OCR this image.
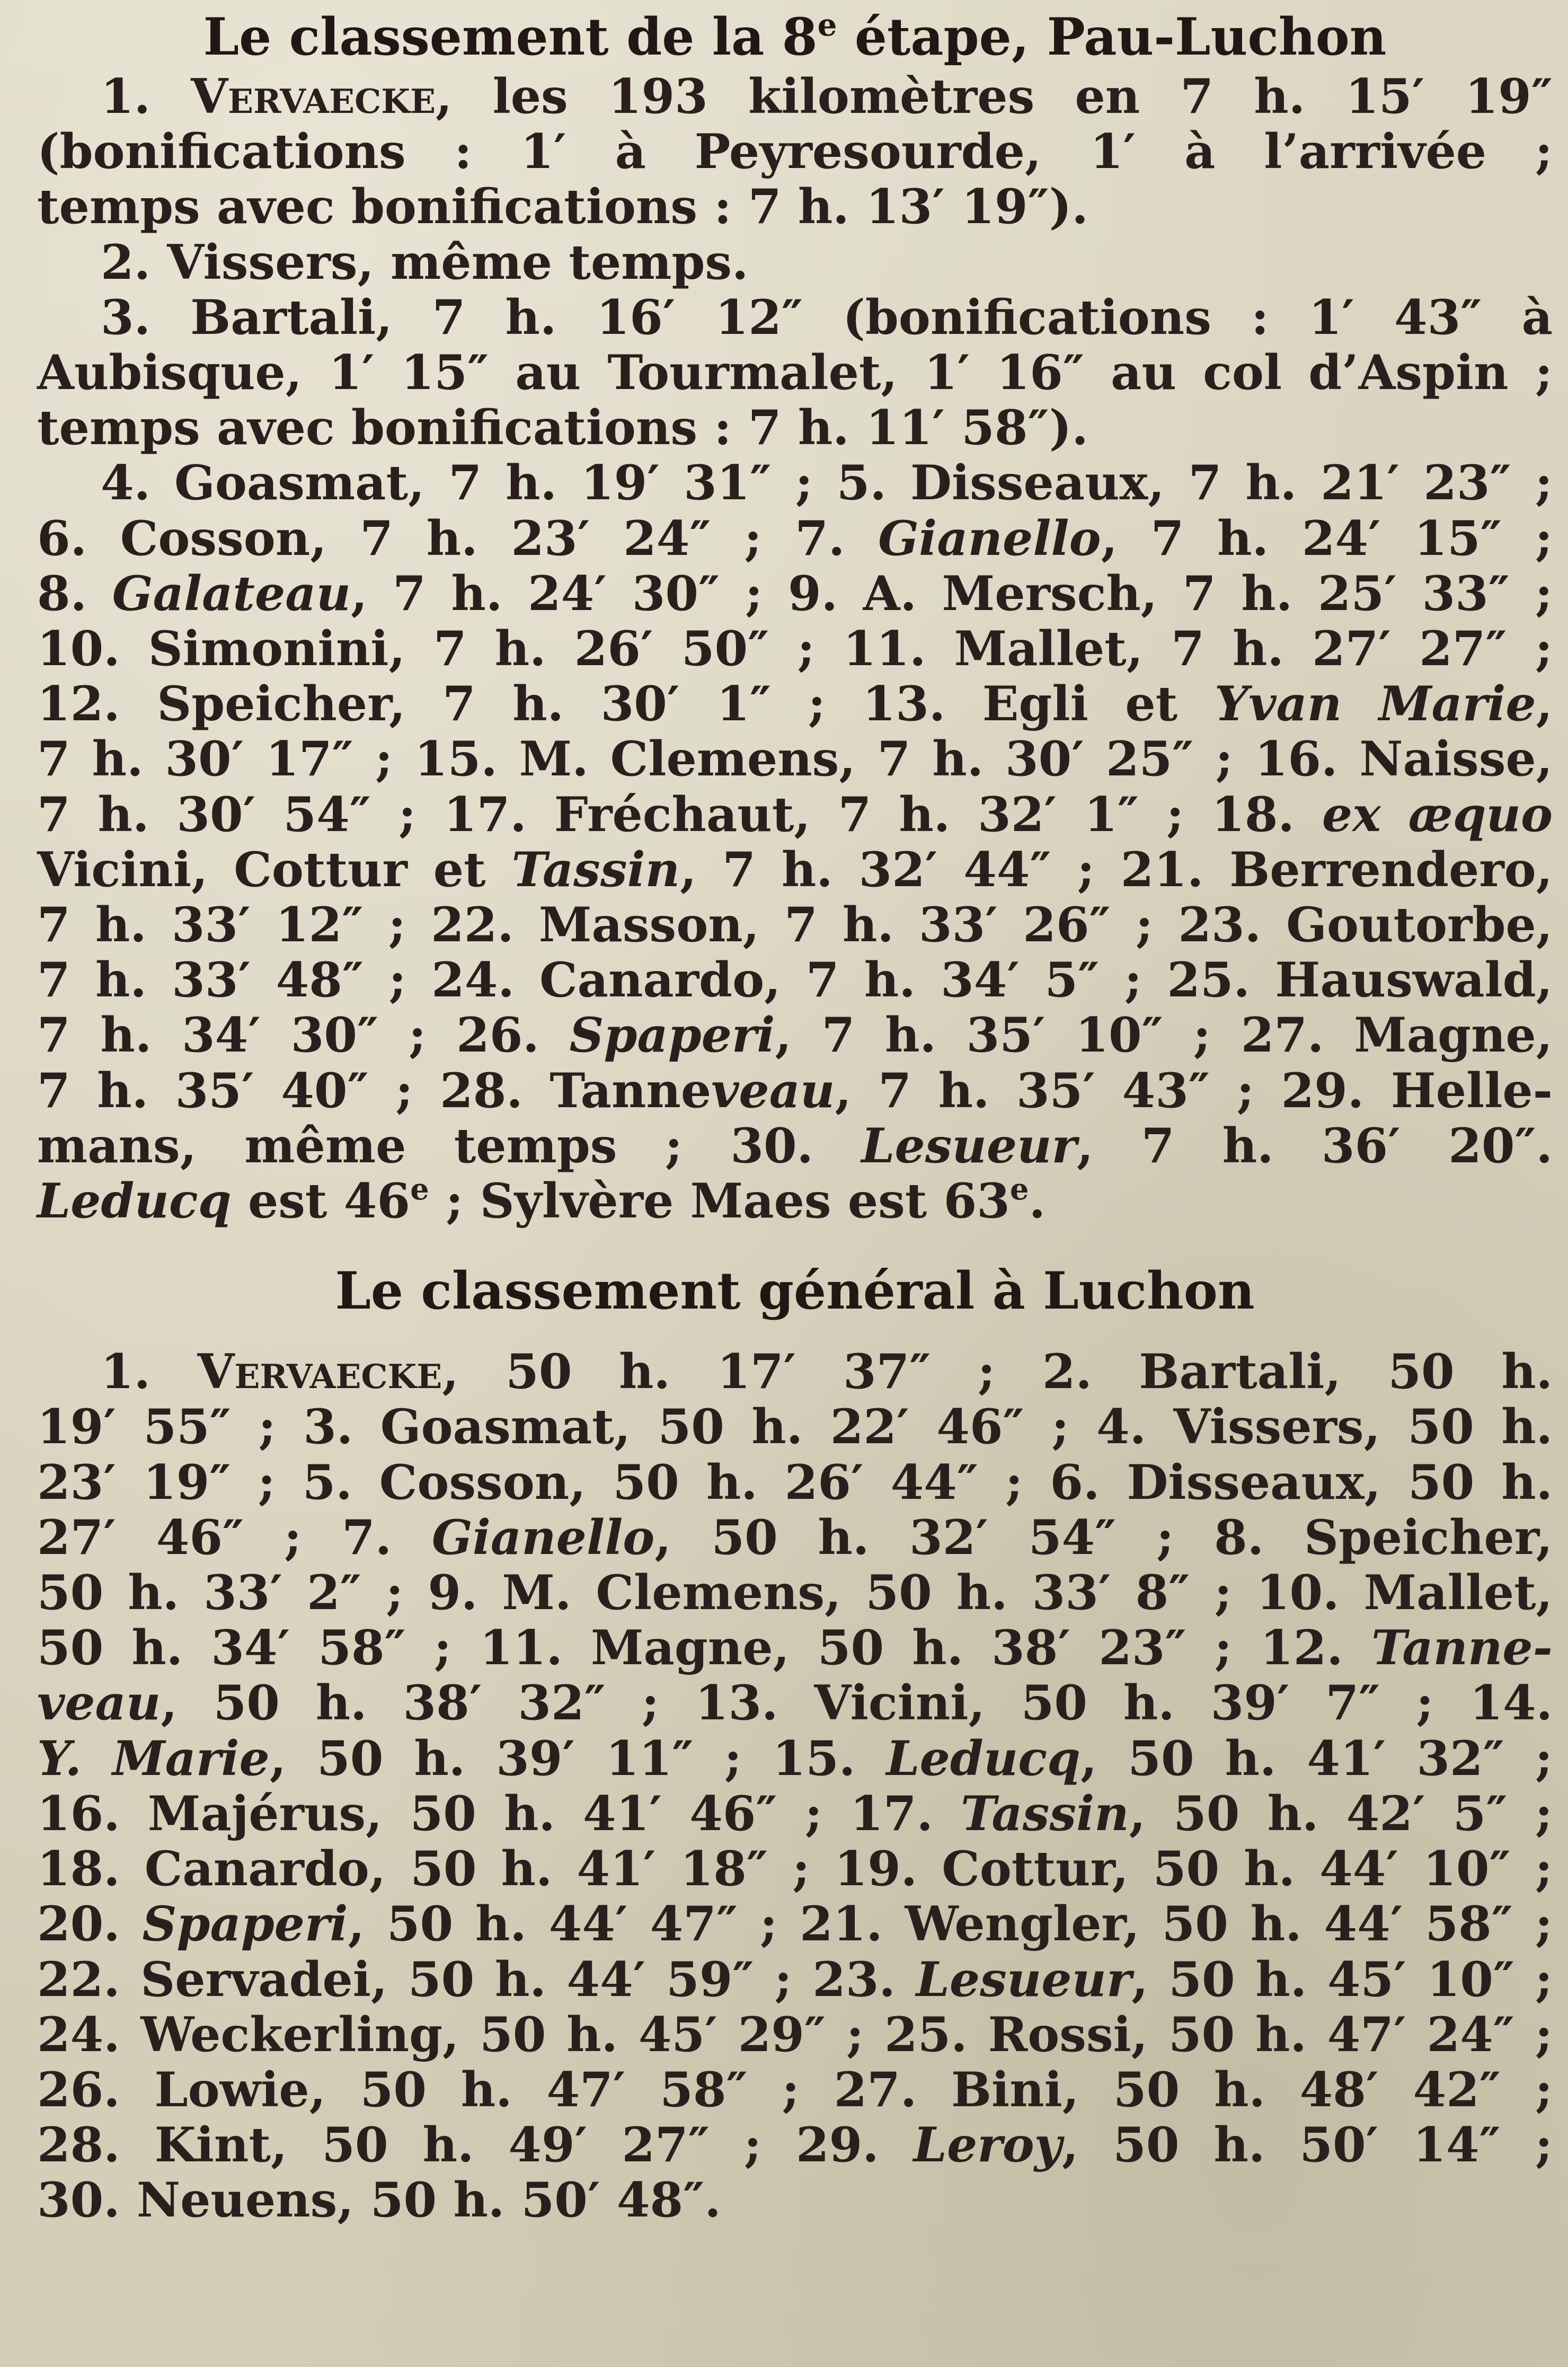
Le classement de la 8e étape, Pau-Luchon
1. Vervaecke, les 193 kilomètres en 7 h. 15′ 19″
(bonifications : 1′ à Peyresourde, 1′ à l’arrivée ;
temps avec bonifications : 7 h. 13′ 19″).
2. Vissers, même temps.
3. Bartali, 7 h. 16′ 12″ (bonifications : 1′ 43″ à
Aubisque, 1′ 15″ au Tourmalet, 1′ 16″ au col d’Aspin ;
temps avec bonifications : 7 h. 11′ 58″).
4. Goasmat, 7 h. 19′ 31″ ; 5. Disseaux, 7 h. 21′ 23″ ;
6. Cosson, 7 h. 23′ 24″ ; 7. Gianello, 7 h. 24′ 15″ ;
8. Galateau, 7 h. 24′ 30″ ; 9. A. Mersch, 7 h. 25′ 33″ ;
10. Simonini, 7 h. 26′ 50″ ; 11. Mallet, 7 h. 27′ 27″ ;
12. Speicher, 7 h. 30′ 1″ ; 13. Egli et Yvan Marie,
7 h. 30′ 17″ ; 15. M. Clemens, 7 h. 30′ 25″ ; 16. Naisse,
7 h. 30′ 54″ ; 17. Fréchaut, 7 h. 32′ 1″ ; 18. ex æquo
Vicini, Cottur et Tassin, 7 h. 32′ 44″ ; 21. Berrendero,
7 h. 33′ 12″ ; 22. Masson, 7 h. 33′ 26″ ; 23. Goutorbe,
7 h. 33′ 48″ ; 24. Canardo, 7 h. 34′ 5″ ; 25. Hauswald,
7 h. 34′ 30″ ; 26. Spaperi, 7 h. 35′ 10″ ; 27. Magne,
7 h. 35′ 40″ ; 28. Tanneveau, 7 h. 35′ 43″ ; 29. Helle-
mans, même temps ; 30. Lesueur, 7 h. 36′ 20″.
Leducq est 46e ; Sylvère Maes est 63e.
Le classement général à Luchon
1. Vervaecke, 50 h. 17′ 37″ ; 2. Bartali, 50 h.
19′ 55″ ; 3. Goasmat, 50 h. 22′ 46″ ; 4. Vissers, 50 h.
23′ 19″ ; 5. Cosson, 50 h. 26′ 44″ ; 6. Disseaux, 50 h.
27′ 46″ ; 7. Gianello, 50 h. 32′ 54″ ; 8. Speicher,
50 h. 33′ 2″ ; 9. M. Clemens, 50 h. 33′ 8″ ; 10. Mallet,
50 h. 34′ 58″ ; 11. Magne, 50 h. 38′ 23″ ; 12. Tanne-
veau, 50 h. 38′ 32″ ; 13. Vicini, 50 h. 39′ 7″ ; 14.
Y. Marie, 50 h. 39′ 11″ ; 15. Leducq, 50 h. 41′ 32″ ;
16. Majérus, 50 h. 41′ 46″ ; 17. Tassin, 50 h. 42′ 5″ ;
18. Canardo, 50 h. 41′ 18″ ; 19. Cottur, 50 h. 44′ 10″ ;
20. Spaperi, 50 h. 44′ 47″ ; 21. Wengler, 50 h. 44′ 58″ ;
22. Servadei, 50 h. 44′ 59″ ; 23. Lesueur, 50 h. 45′ 10″ ;
24. Weckerling, 50 h. 45′ 29″ ; 25. Rossi, 50 h. 47′ 24″ ;
26. Lowie, 50 h. 47′ 58″ ; 27. Bini, 50 h. 48′ 42″ ;
28. Kint, 50 h. 49′ 27″ ; 29. Leroy, 50 h. 50′ 14″ ;
30. Neuens, 50 h. 50′ 48″.
